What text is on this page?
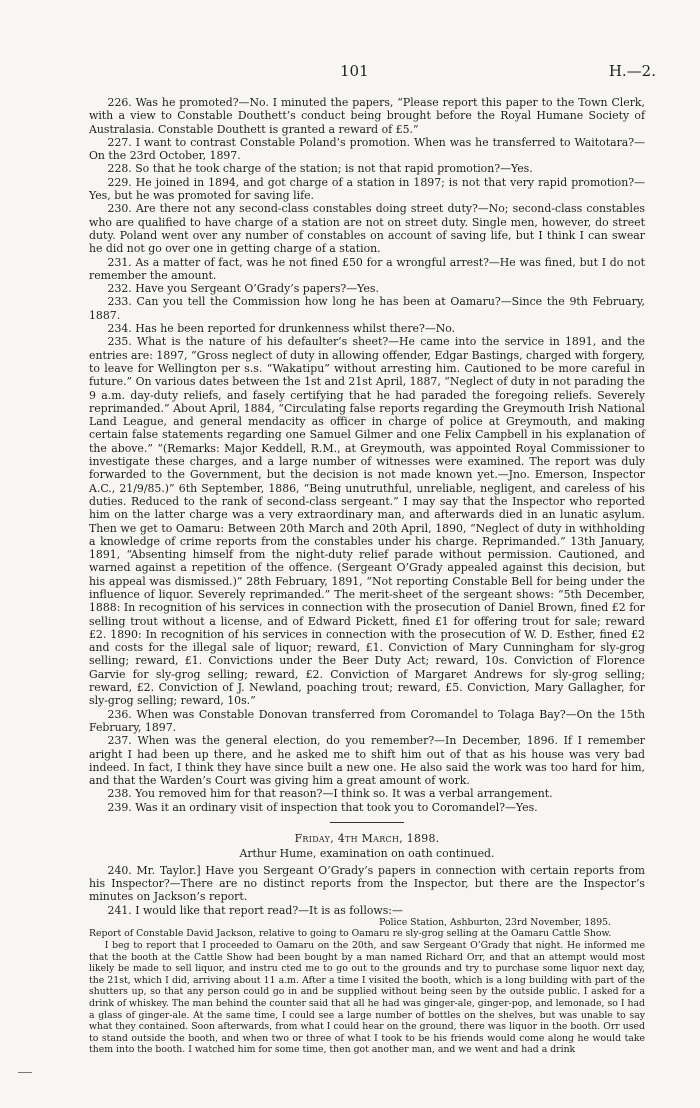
101	H.—2.

226. Was he promoted?—No. I minuted the papers, “Please report this paper to the Town Clerk, with a view to Constable Douthett’s conduct being brought before the Royal Humane Society of Australasia. Constable Douthett is granted a reward of £5.”

227. I want to contrast Constable Poland’s promotion. When was he transferred to Waitotara?—On the 23rd October, 1897.

228. So that he took charge of the station; is not that rapid promotion?—Yes.

229. He joined in 1894, and got charge of a station in 1897; is not that very rapid promotion?—Yes, but he was promoted for saving life.

230. Are there not any second-class constables doing street duty?—No; second-class constables who are qualified to have charge of a station are not on street duty. Single men, however, do street duty. Poland went over any number of constables on account of saving life, but I think I can swear he did not go over one in getting charge of a station.

231. As a matter of fact, was he not fined £50 for a wrongful arrest?—He was fined, but I do not remember the amount.

232. Have you Sergeant O’Grady’s papers?—Yes.

233. Can you tell the Commission how long he has been at Oamaru?—Since the 9th February, 1887.

234. Has he been reported for drunkenness whilst there?—No.

235. What is the nature of his defaulter’s sheet?—He came into the service in 1891, and the entries are: 1897, “Gross neglect of duty in allowing offender, Edgar Bastings, charged with forgery, to leave for Wellington per s.s. “Wakatipu” without arresting him. Cautioned to be more careful in future.” On various dates between the 1st and 21st April, 1887, “Neglect of duty in not parading the 9 a.m. day-duty reliefs, and fasely certifying that he had paraded the foregoing reliefs. Severely reprimanded.” About April, 1884, “Circulating false reports regarding the Greymouth Irish National Land League, and general mendacity as officer in charge of police at Greymouth, and making certain false statements regarding one Samuel Gilmer and one Felix Campbell in his explanation of the above.” “(Remarks: Major Keddell, R.M., at Greymouth, was appointed Royal Commissioner to investigate these charges, and a large number of witnesses were examined. The report was duly forwarded to the Government, but the decision is not made known yet.—Jno. Emerson, Inspector A.C., 21/9/85.)” 6th September, 1886, “Being unutruthful, unreliable, negligent, and careless of his duties. Reduced to the rank of second-class sergeant.” I may say that the Inspector who reported him on the latter charge was a very extraordinary man, and afterwards died in an lunatic asylum. Then we get to Oamaru: Between 20th March and 20th April, 1890, “Neglect of duty in withholding a knowledge of crime reports from the constables under his charge. Reprimanded.” 13th January, 1891, “Absenting himself from the night-duty relief parade without permission. Cautioned, and warned against a repetition of the offence. (Sergeant O’Grady appealed against this decision, but his appeal was dismissed.)” 28th February, 1891, “Not reporting Constable Bell for being under the influence of liquor. Severely reprimanded.” The merit-sheet of the sergeant shows: “5th December, 1888: In recognition of his services in connection with the prosecution of Daniel Brown, fined £2 for selling trout without a license, and of Edward Pickett, fined £1 for offering trout for sale; reward £2. 1890: In recognition of his services in connection with the prosecution of W. D. Esther, fined £2 and costs for the illegal sale of liquor; reward, £1. Conviction of Mary Cunningham for sly-grog selling; reward, £1. Convictions under the Beer Duty Act; reward, 10s. Conviction of Florence Garvie for sly-grog selling; reward, £2. Conviction of Margaret Andrews for sly-grog selling; reward, £2. Conviction of J. Newland, poaching trout; reward, £5. Conviction, Mary Gallagher, for sly-grog selling; reward, 10s.”

236. When was Constable Donovan transferred from Coromandel to Tolaga Bay?—On the 15th February, 1897.

237. When was the general election, do you remember?—In December, 1896. If I remember aright I had been up there, and he asked me to shift him out of that as his house was very bad indeed. In fact, I think they have since built a new one. He also said the work was too hard for him, and that the Warden’s Court was giving him a great amount of work.

238. You removed him for that reason?—I think so. It was a verbal arrangement.

239. Was it an ordinary visit of inspection that took you to Coromandel?—Yes.

Friday, 4th March, 1898.

Arthur Hume, examination on oath continued.

240. Mr. Taylor.] Have you Sergeant O’Grady’s papers in connection with certain reports from his Inspector?—There are no distinct reports from the Inspector, but there are the Inspector’s minutes on Jackson’s report.

241. I would like that report read?—It is as follows:—

Police Station, Ashburton, 23rd November, 1895.

Report of Constable David Jackson, relative to going to Oamaru re sly-grog selling at the Oamaru Cattle Show.

I beg to report that I proceeded to Oamaru on the 20th, and saw Sergeant O’Grady that night. He informed me that the booth at the Cattle Show had been bought by a man named Richard Orr, and that an attempt would most likely be made to sell liquor, and instru cted me to go out to the grounds and try to purchase some liquor next day, the 21st, which I did, arriving about 11 a.m. After a time I visited the booth, which is a long building with part of the shutters up, so that any person could go in and be supplied without being seen by the outside public. I asked for a drink of whiskey. The man behind the counter said that all he had was ginger-ale, ginger-pop, and lemonade, so I had a glass of ginger-ale. At the same time, I could see a large number of bottles on the shelves, but was unable to say what they contained. Soon afterwards, from what I could hear on the ground, there was liquor in the booth. Orr used to stand outside the booth, and when two or three of what I took to be his friends would come along he would take them into the booth. I watched him for some time, then got another man, and we went and had a drink
